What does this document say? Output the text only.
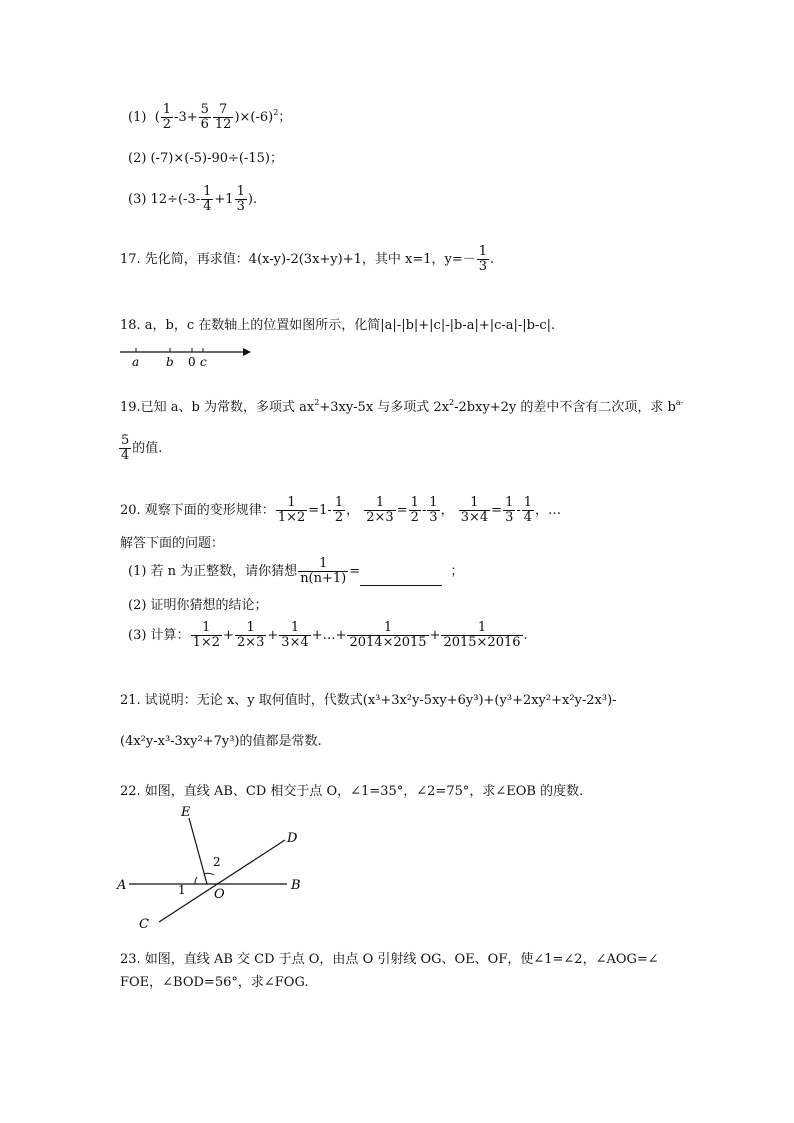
(1) ( $\frac{1}{2} -3+ \frac{5}{6} \frac{7}{12} )\times(-6)^2$；
(2) (-7)×(-5)-90÷(-15)；
(3) $12\div(-3- \frac{1}{4} +1 \frac{1}{3}$ ).
17. 先化简，再求值：4(x-y)-2(3x+y)+1，其中 x=1，$y=- \frac{1}{3}$ .
18. a，b，c 在数轴上的位置如图所示，化简|a|-|b|+|c|-|b-a|+|c-a|-|b-c|.
a b 0 c
19.已知 a、b 为常数，多项式 $ax^2+3xy-5x$ 与多项式 $2x^2-2bxy+2y$ 的差中不含有二次项，求 $b^{a-}$
$\frac{5}{4}$ 的值.
20. 观察下面的变形规律： $\frac{1}{1\times 2} =1- \frac{1}{2}$ ， $\frac{1}{2\times 3} = \frac{1}{2} - \frac{1}{3}$ ， $\frac{1}{3\times 4} = \frac{1}{3} - \frac{1}{4}$ ，…
解答下面的问题：
(1) 若 n 为正整数，请你猜想 $\frac{1}{n(n+1)}$ =	；
(2) 证明你猜想的结论；
(3) 计算： $\frac{1}{1\times 2} + \frac{1}{2\times 3} + \frac{1}{3\times 4}$ +…+ $\frac{1}{2014\times 2015} + \frac{1}{2015\times 2016}$ .
21. 试说明：无论 x、y 取何值时，代数式(x³+3x²y-5xy+6y³)+(y³+2xy²+x²y-2x³)-
(4x²y-x³-3xy²+7y³)的值都是常数.
22. 如图，直线 AB、CD 相交于点 O，∠1=35°，∠2=75°，求∠EOB 的度数.
E
D
A	B
C
O
1
2
23. 如图，直线 AB 交 CD 于点 O，由点 O 引射线 OG、OE、OF，使∠1=∠2，∠AOG=∠
FOE，∠BOD=56°，求∠FOG.
